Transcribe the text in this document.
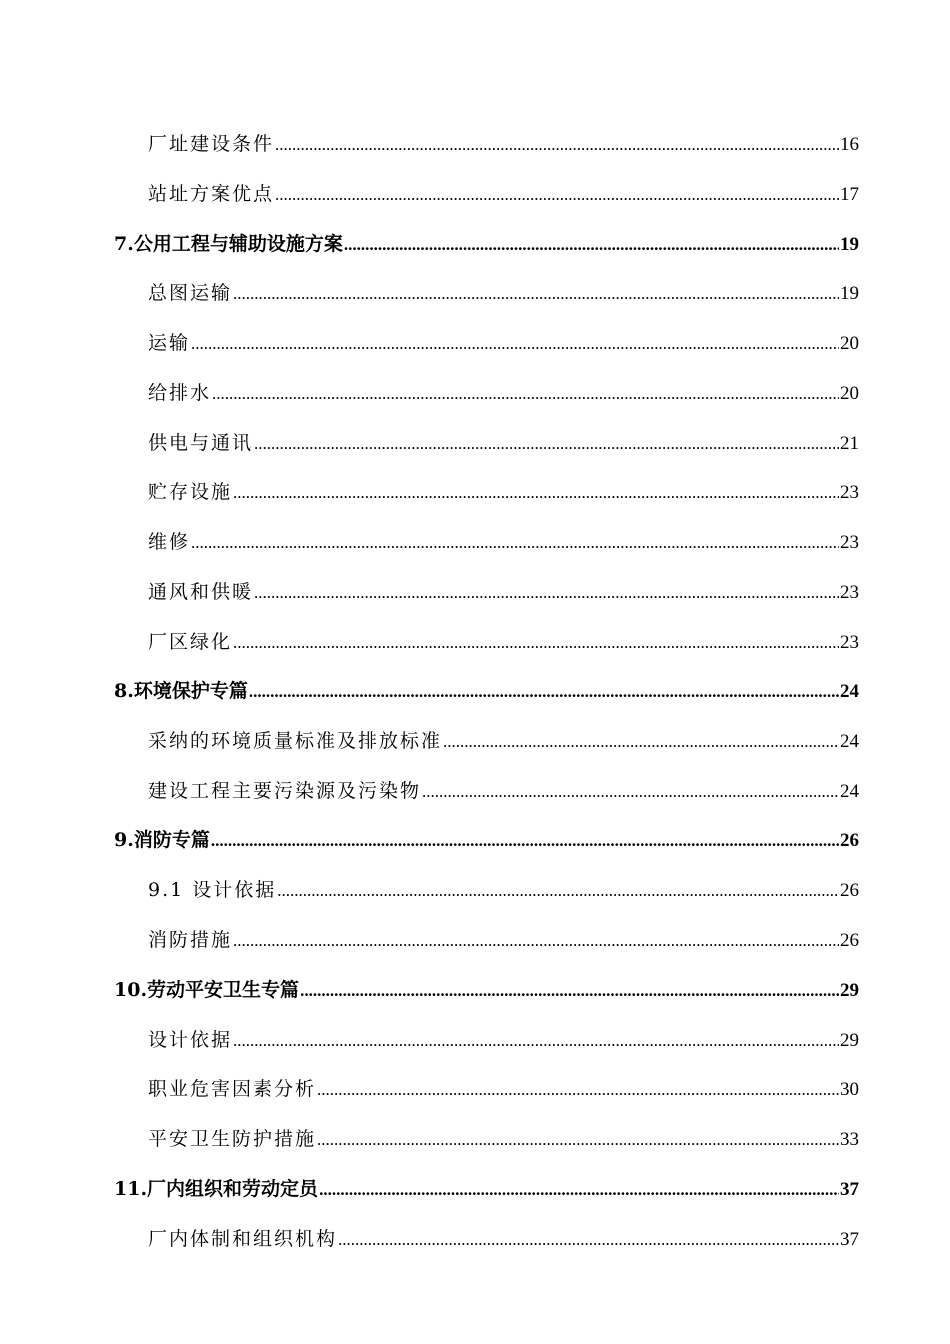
厂址建设条件 .....	16
站址方案优点 .....	17
7.公用工程与辅助设施方案 .....	19
总图运输 .....	19
运输 .....	20
给排水 .....	20
供电与通讯 .....	21
贮存设施 .....	23
维修 .....	23
通风和供暖 .....	23
厂区绿化 .....	23
8.环境保护专篇 .....	24
采纳的环境质量标准及排放标准 .....	24
建设工程主要污染源及污染物 .....	24
9.消防专篇 .....	26
9.1 设计依据 .....	26
消防措施 .....	26
10.劳动平安卫生专篇 .....	29
设计依据 .....	29
职业危害因素分析 .....	30
平安卫生防护措施 .....	33
11.厂内组织和劳动定员 .....	37
厂内体制和组织机构 .....	37
